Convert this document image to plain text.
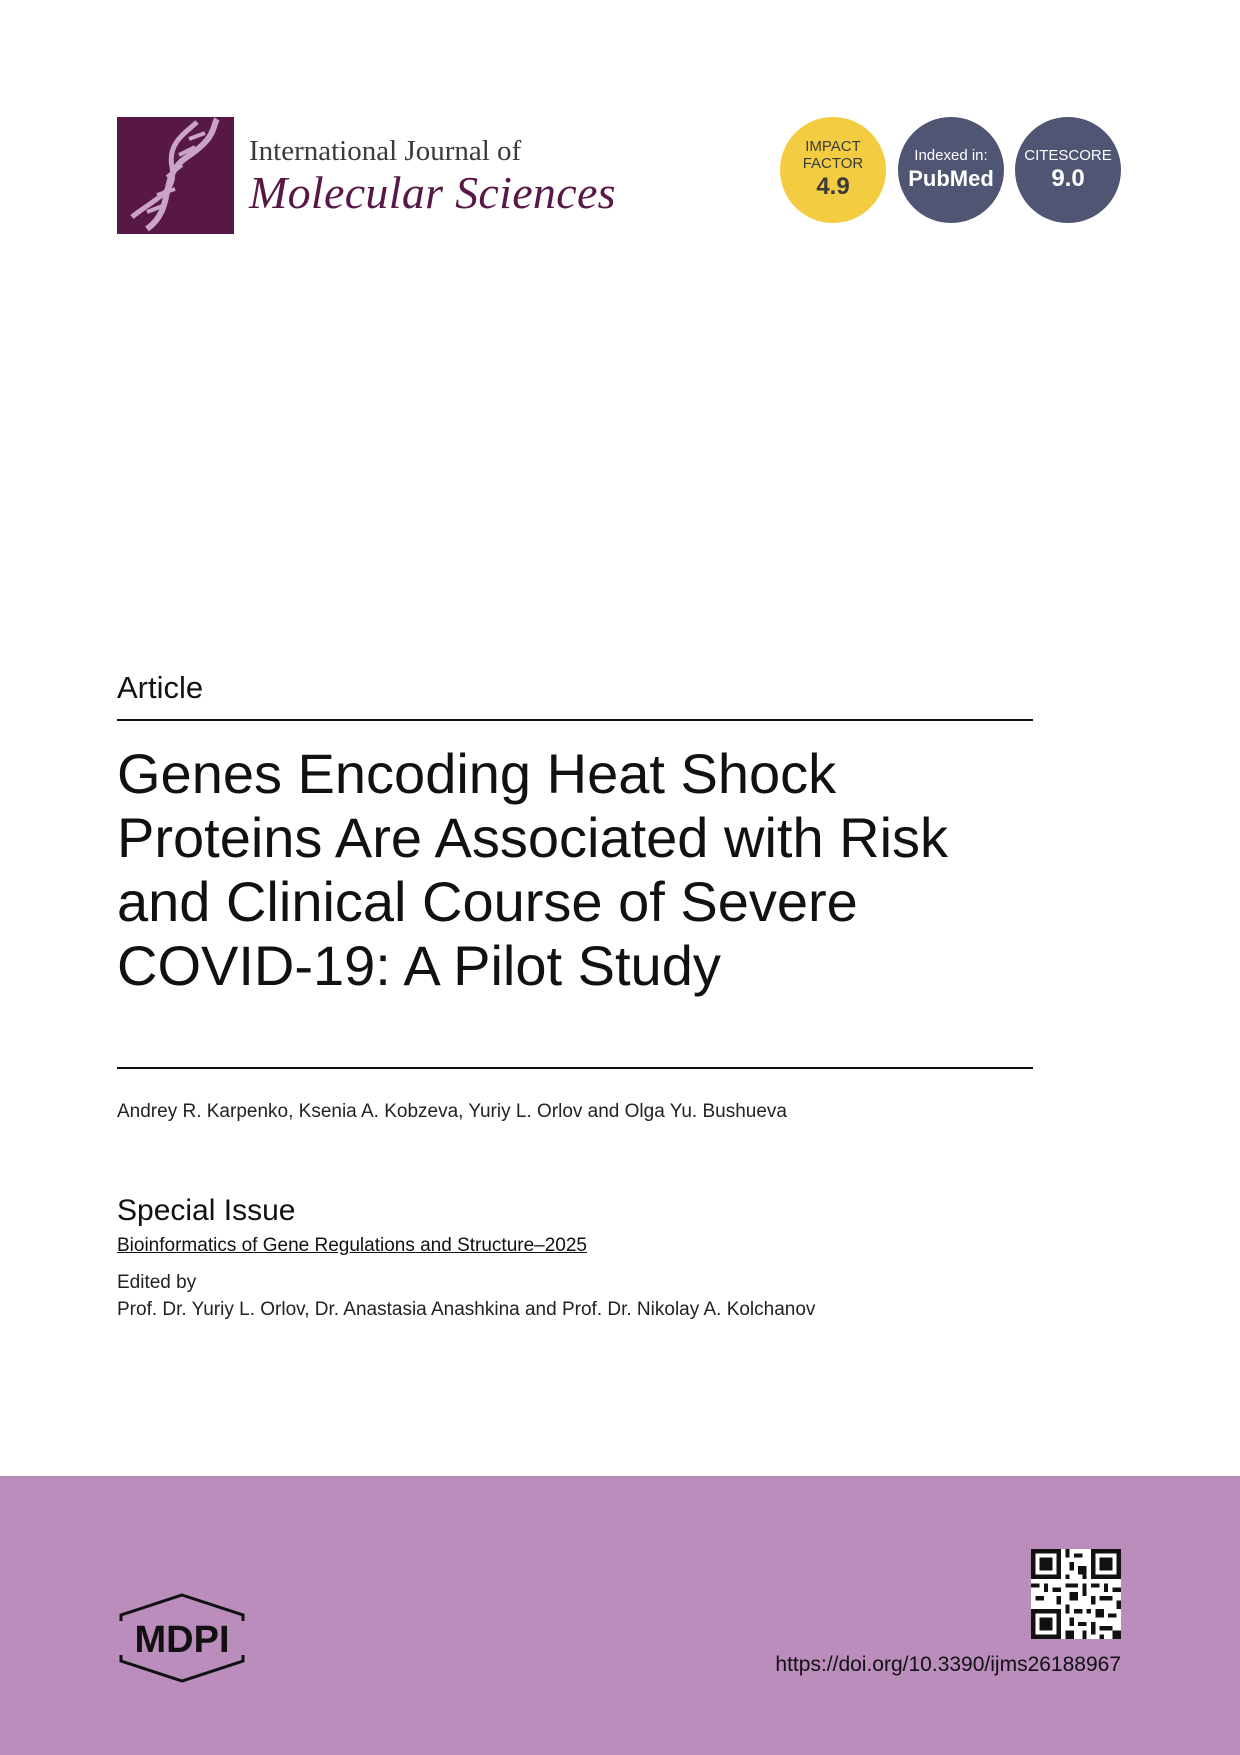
International Journal of
Molecular Sciences
IMPACT
FACTOR
4.9
Indexed in:
PubMed
CITESCORE
9.0
Article
Genes Encoding Heat Shock Proteins Are Associated with Risk and Clinical Course of Severe COVID-19: A Pilot Study
Andrey R. Karpenko, Ksenia A. Kobzeva, Yuriy L. Orlov and Olga Yu. Bushueva
Special Issue
Bioinformatics of Gene Regulations and Structure–2025
Edited by
Prof. Dr. Yuriy L. Orlov, Dr. Anastasia Anashkina and Prof. Dr. Nikolay A. Kolchanov
MDPI
https://doi.org/10.3390/ijms26188967
